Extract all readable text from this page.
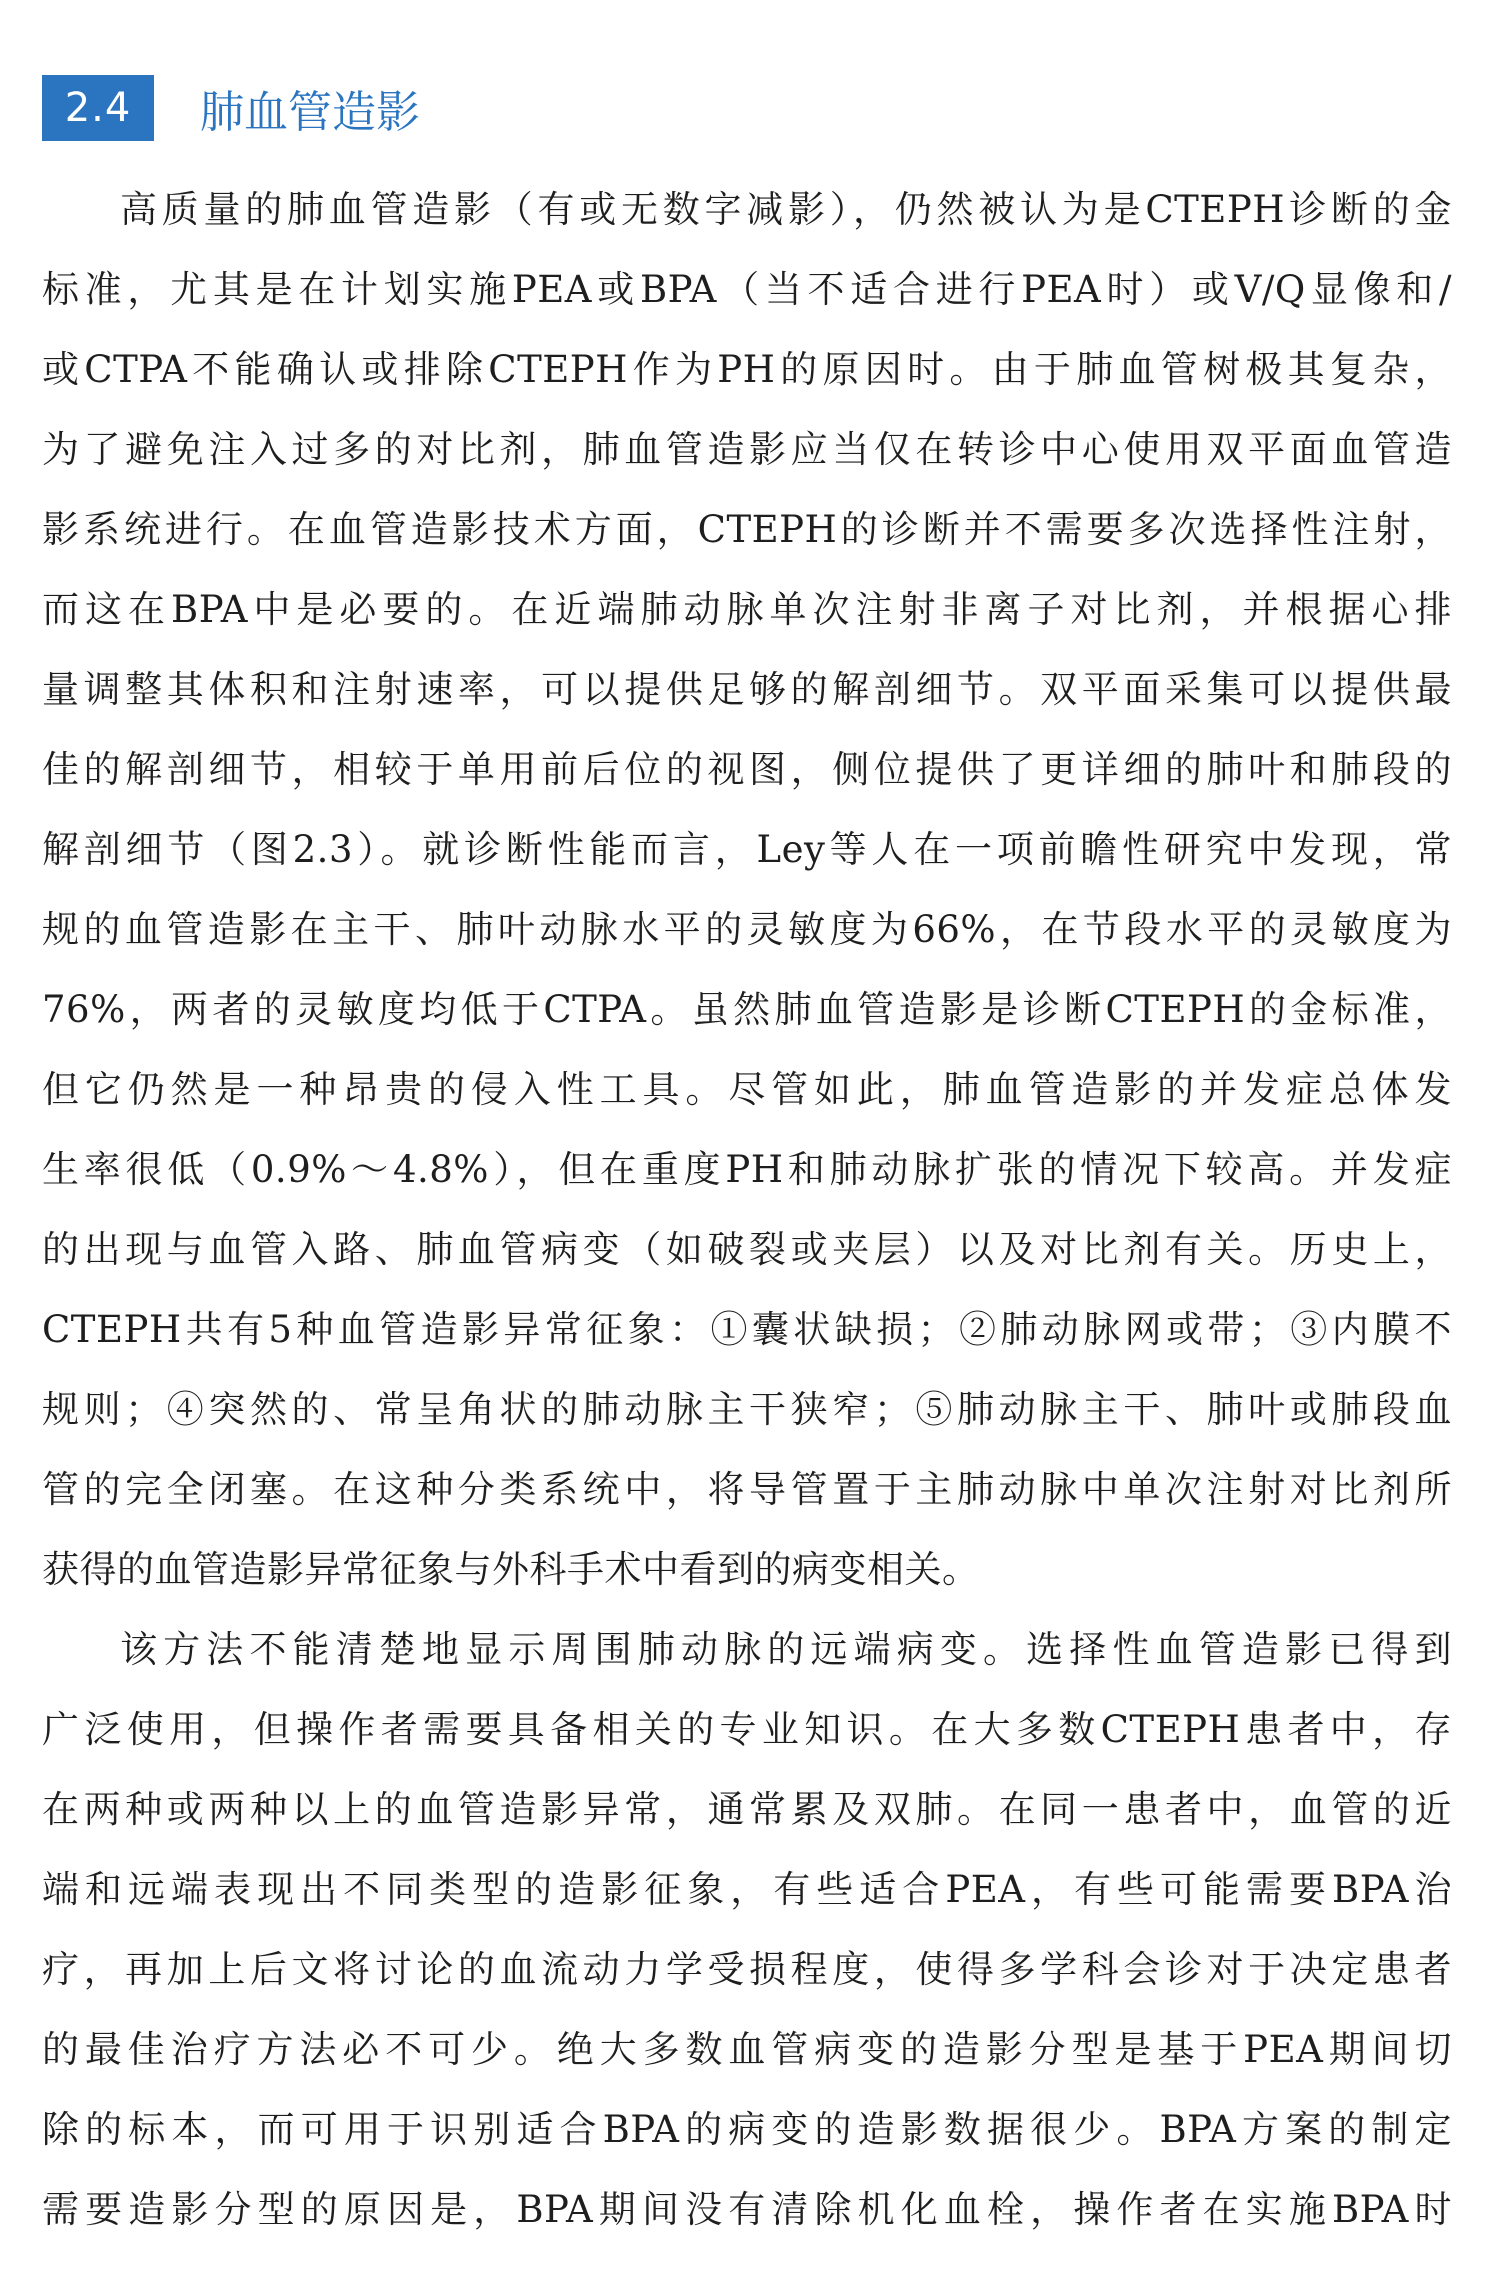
2.4	肺血管造影

高质量的肺血管造影（有或无数字减影），仍然被认为是CTEPH诊断的金
标准，尤其是在计划实施PEA或BPA（当不适合进行PEA时）或V/Q显像和/
或CTPA不能确认或排除CTEPH作为PH的原因时。由于肺血管树极其复杂，
为了避免注入过多的对比剂，肺血管造影应当仅在转诊中心使用双平面血管造
影系统进行。在血管造影技术方面，CTEPH的诊断并不需要多次选择性注射，
而这在BPA中是必要的。在近端肺动脉单次注射非离子对比剂，并根据心排
量调整其体积和注射速率，可以提供足够的解剖细节。双平面采集可以提供最
佳的解剖细节，相较于单用前后位的视图，侧位提供了更详细的肺叶和肺段的
解剖细节（图2.3）。就诊断性能而言，Ley等人在一项前瞻性研究中发现，常
规的血管造影在主干、肺叶动脉水平的灵敏度为66%，在节段水平的灵敏度为
76%，两者的灵敏度均低于CTPA。虽然肺血管造影是诊断CTEPH的金标准，
但它仍然是一种昂贵的侵入性工具。尽管如此，肺血管造影的并发症总体发
生率很低（0.9%～4.8%），但在重度PH和肺动脉扩张的情况下较高。并发症
的出现与血管入路、肺血管病变（如破裂或夹层）以及对比剂有关。历史上，
CTEPH共有5种血管造影异常征象：①囊状缺损；②肺动脉网或带；③内膜不
规则；④突然的、常呈角状的肺动脉主干狭窄；⑤肺动脉主干、肺叶或肺段血
管的完全闭塞。在这种分类系统中，将导管置于主肺动脉中单次注射对比剂所
获得的血管造影异常征象与外科手术中看到的病变相关。

该方法不能清楚地显示周围肺动脉的远端病变。选择性血管造影已得到
广泛使用，但操作者需要具备相关的专业知识。在大多数CTEPH患者中，存
在两种或两种以上的血管造影异常，通常累及双肺。在同一患者中，血管的近
端和远端表现出不同类型的造影征象，有些适合PEA，有些可能需要BPA治
疗，再加上后文将讨论的血流动力学受损程度，使得多学科会诊对于决定患者
的最佳治疗方法必不可少。绝大多数血管病变的造影分型是基于PEA期间切
除的标本，而可用于识别适合BPA的病变的造影数据很少。BPA方案的制定
需要造影分型的原因是，BPA期间没有清除机化血栓，操作者在实施BPA时
